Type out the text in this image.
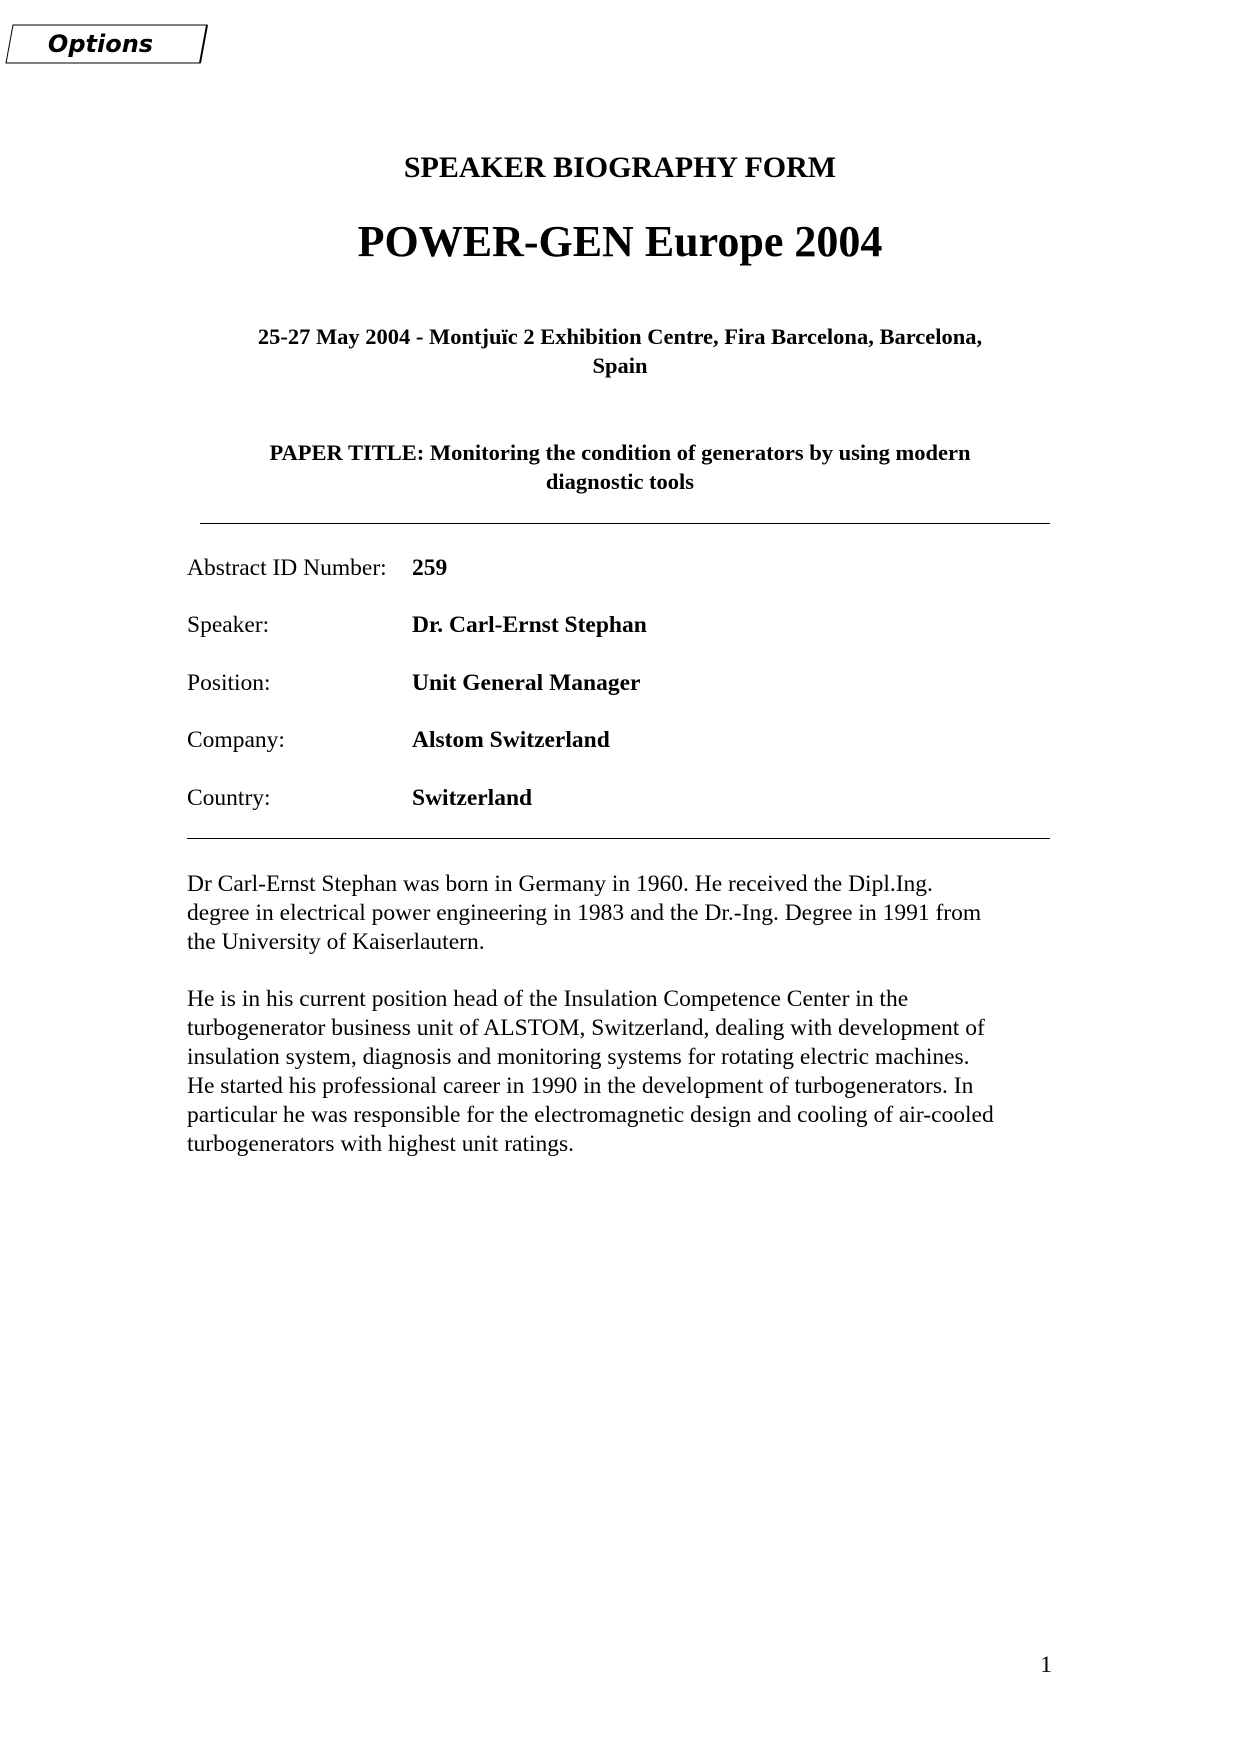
Options
SPEAKER BIOGRAPHY FORM
POWER-GEN Europe 2004
25-27 May 2004 - Montjuïc 2 Exhibition Centre, Fira Barcelona, Barcelona,
Spain
PAPER TITLE: Monitoring the condition of generators by using modern
diagnostic tools
Abstract ID Number: 259
Speaker:	Dr. Carl-Ernst Stephan
Position:	Unit General Manager
Company:	Alstom Switzerland
Country:	Switzerland

Dr Carl-Ernst Stephan was born in Germany in 1960. He received the Dipl.Ing.

degree in electrical power engineering in 1983 and the Dr.-Ing. Degree in 1991 from

the University of Kaiserlautern.

He is in his current position head of the Insulation Competence Center in the

turbogenerator business unit of ALSTOM, Switzerland, dealing with development of

insulation system, diagnosis and monitoring systems for rotating electric machines.

He started his professional career in 1990 in the development of turbogenerators. In

particular he was responsible for the electromagnetic design and cooling of air-cooled

turbogenerators with highest unit ratings.

1
